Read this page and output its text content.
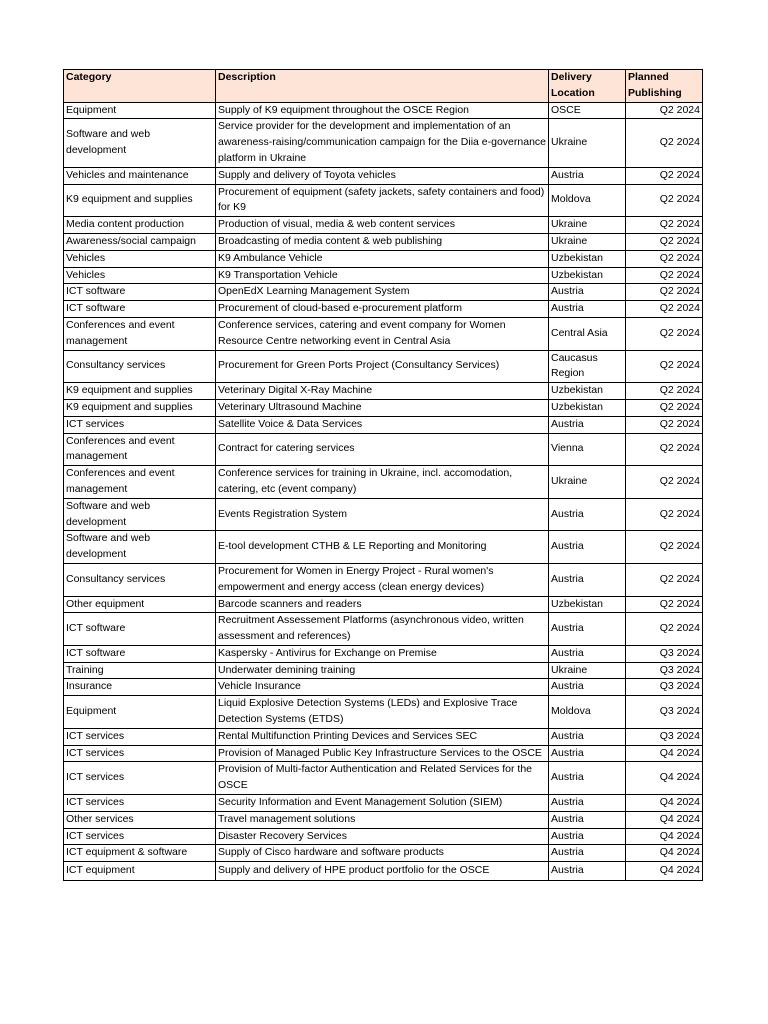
Category	Description	Delivery Location	Planned Publishing
Equipment	Supply of K9 equipment throughout the OSCE Region	OSCE	Q2 2024
Software and web development	Service provider for the development and implementation of an awareness-raising/communication campaign for the Diia e-governance platform in Ukraine	Ukraine	Q2 2024
Vehicles and maintenance	Supply and delivery of Toyota vehicles	Austria	Q2 2024
K9 equipment and supplies	Procurement of equipment (safety jackets, safety containers and food) for K9	Moldova	Q2 2024
Media content production	Production of visual, media & web content services	Ukraine	Q2 2024
Awareness/social campaign	Broadcasting of media content & web publishing	Ukraine	Q2 2024
Vehicles	K9 Ambulance Vehicle	Uzbekistan	Q2 2024
Vehicles	K9 Transportation Vehicle	Uzbekistan	Q2 2024
ICT software	OpenEdX Learning Management System	Austria	Q2 2024
ICT software	Procurement of cloud-based e-procurement platform	Austria	Q2 2024
Conferences and event management	Conference services, catering and event company for Women Resource Centre networking event in Central Asia	Central Asia	Q2 2024
Consultancy services	Procurement for Green Ports Project (Consultancy Services)	Caucasus Region	Q2 2024
K9 equipment and supplies	Veterinary Digital X-Ray Machine	Uzbekistan	Q2 2024
K9 equipment and supplies	Veterinary Ultrasound Machine	Uzbekistan	Q2 2024
ICT services	Satellite Voice & Data Services	Austria	Q2 2024
Conferences and event management	Contract for catering services	Vienna	Q2 2024
Conferences and event management	Conference services for training in Ukraine, incl. accomodation, catering, etc (event company)	Ukraine	Q2 2024
Software and web development	Events Registration System	Austria	Q2 2024
Software and web development	E-tool development CTHB & LE Reporting and Monitoring	Austria	Q2 2024
Consultancy services	Procurement for Women in Energy Project - Rural women's empowerment and energy access (clean energy devices)	Austria	Q2 2024
Other equipment	Barcode scanners and readers	Uzbekistan	Q2 2024
ICT software	Recruitment Assessement Platforms (asynchronous video, written assessment and references)	Austria	Q2 2024
ICT software	Kaspersky - Antivirus for Exchange on Premise	Austria	Q3 2024
Training	Underwater demining training	Ukraine	Q3 2024
Insurance	Vehicle Insurance	Austria	Q3 2024
Equipment	Liquid Explosive Detection Systems (LEDs) and Explosive Trace Detection Systems (ETDS)	Moldova	Q3 2024
ICT services	Rental Multifunction Printing Devices and Services SEC	Austria	Q3 2024
ICT services	Provision of Managed Public Key Infrastructure Services to the OSCE	Austria	Q4 2024
ICT services	Provision of Multi-factor Authentication and Related Services for the OSCE	Austria	Q4 2024
ICT services	Security Information and Event Management Solution (SIEM)	Austria	Q4 2024
Other services	Travel management solutions	Austria	Q4 2024
ICT services	Disaster Recovery Services	Austria	Q4 2024
ICT equipment & software	Supply of Cisco hardware and software products	Austria	Q4 2024
ICT equipment	Supply and delivery of HPE product portfolio for the OSCE	Austria	Q4 2024
